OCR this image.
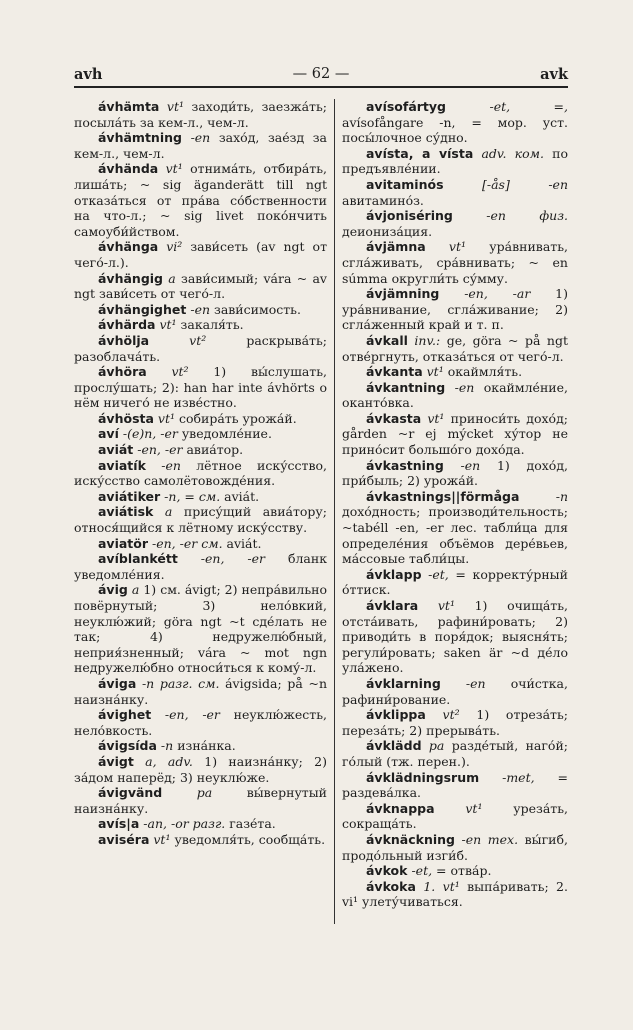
avh	— 62 —	avk

ávhämta vt¹ заходи́ть, заезжа́ть; посыла́ть за кем-л., чем-л.

ávhämtning -en захо́д, зае́зд за кем-л., чем-л.

ávhända vt¹ отнима́ть, отбира́ть, лиша́ть; ~ sig äganderätt till ngt отказа́ться от пра́ва со́бственности на что-л.; ~ sig livet поко́нчить самоуби́йством.

ávhänga vi² зави́сеть (av ngt от чего́-л.).

ávhängig a зави́симый; vára ~ av ngt зави́сеть от чего́-л.

ávhängighet -en зави́симость.

ávhärda vt¹ закаля́ть.

ávhölja	vt²	раскрыва́ть; разоблача́ть.

ávhöra vt² 1) вы́слушать, прослу́шать; 2): han har inte ávhörts о нём ничего́ не изве́стно.

ávhösta vt¹ собира́ть урожа́й.

aví -(e)n, -er уведомле́ние.

aviát -en, -er авиа́тор.

aviatík -en лётное иску́сство, иску́сство самолётовожде́ния.

aviátiker -n, = см. aviát.

aviátisk a прису́щий авиа́тору; относя́щийся к лётному иску́сству.

aviatör -en, -er см. aviát.

avíblankétt -en, -er бланк уведомле́ния.

ávig a 1) см. ávigt; 2) непра́вильно повёрнутый; 3) нело́вкий, неуклю́жий; göra ngt ~t сде́лать не так; 4) недружелю́бный, неприя́зненный; vára ~ mot ngn недружелю́бно относи́ться к кому́-л.

áviga -n разг. см. ávigsida; på ~n наизна́нку.

ávighet -en, -er неуклю́жесть, нело́вкость.

ávigsída -n изна́нка.

ávigt a, adv. 1) наизна́нку; 2) за́дом наперёд; 3) неуклю́же.

ávigvänd	pa	вы́вернутый наизна́нку.

avís|a -an, -or разг. газе́та.

aviséra vt¹ уведомля́ть, сообща́ть.

avísofártyg	-et, =, avísofångare -n, = мор. уст. посы́лочное су́дно.

avísta, a vísta adv. ком. по предъявле́нии.

avitaminós	[-ås] -en авитамино́з.

ávjoniséring	-en физ. деиониза́ция.

ávjämna vt¹ ура́внивать, сгла́живать, сра́внивать; ~ en súmma округли́ть су́мму.

ávjämning -en, -ar 1) ура́внивание, сгла́живание; 2) сгла́женный край и т. п.

ávkall inv.: ge, göra ~ på ngt отве́ргнуть, отказа́ться от чего́-л.

ávkanta vt¹ окаймля́ть.

ávkantning -en окаймле́ние, оканто́вка.

ávkasta vt¹ приноси́ть дохо́д; gården ~r ej mýcket ху́тор не прино́сит большо́го дохо́да.

ávkastning -en 1) дохо́д, при́быль; 2) урожа́й.

ávkastnings||förmåga	-n дохо́дность; производи́тельность; ~tabéll -en, -er лес. табли́ца для определе́ния объёмов дере́вьев, ма́ссовые табли́цы.

ávklapp -et, = корректу́рный о́ттиск.

ávklara vt¹ 1) очища́ть, отста́ивать, рафини́ровать; 2) приводи́ть в поря́док; выясня́ть; регули́ровать; saken är ~d де́ло ула́жено.

ávklarning -en очи́стка, рафини́рование.

ávklippa vt² 1) отреза́ть; переза́ть; 2) прерыва́ть.

ávklädd pa разде́тый, наго́й; го́лый (тж. перен.).

ávklädningsrum -met, = раздева́лка.

ávknappa vt¹ уреза́ть, сокраща́ть.

ávknäckning -en тех. вы́гиб, продо́льный изги́б.

ávkok -et, = отва́р.

ávkoka 1. vt¹ выпа́ривать; 2. vi¹ улету́чиваться.
